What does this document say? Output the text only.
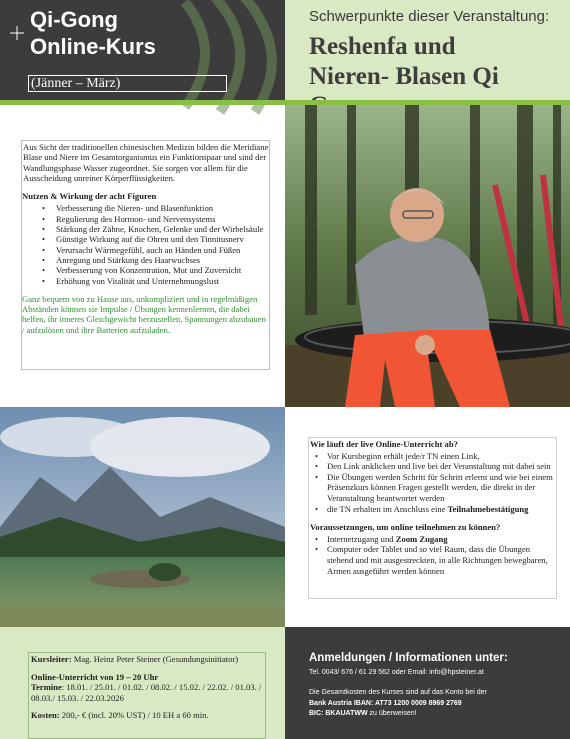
Qi-Gong
Online-Kurs
(Jänner – März)
Schwerpunkte dieser Veranstaltung:
Reshenfa und
Nieren- Blasen Qi

Aus Sicht der traditionellen chinesischen Medizin bilden die Meridiane Blase und Niere im Gesamtorganismus ein Funktionspaar und sind der Wandlungsphase Wasser zugeordnet. Sie sorgen vor allem für die Ausscheidung unreiner Körperflüssigkeiten.

Nutzen & Wirkung der acht Figuren

• Verbesserung die Nieren- und Blasenfunktion
• Regulierung des Hormon- und Nervensystems
• Stärkung der Zähne, Knochen, Gelenke und der Wirbelsäule
• Günstige Wirkung auf die Ohren und den Tinnitusnerv
• Verursacht Wärmegefühl, auch an Händen und Füßen
• Anregung und Stärkung des Haarwuchses
• Verbesserung von Konzentration, Mut und Zuversicht
• Erhöhung von Vitalität und Unternehmungslust

Ganz bequem von zu Hause aus, unkompliziert und in regelmäßigen Abständen können sie Impulse / Übungen kennenlernen, die dabei helfen, ihr inneres Gleichgewicht herzustellen, Spannungen abzubauen / aufzulösen und ihre Batterien aufzuladen.

Wie läuft der live Online-Unterricht ab?

• Vor Kursbeginn erhält jede/r TN einen Link,
• Den Link anklicken und live bei der Veranstaltung mit dabei sein
• Die Übungen werden Schritt für Schritt erlernt und wie bei einem Präsenzkurs können Fragen gestellt werden, die direkt in der Veranstaltung beantwortet werden
• die TN erhalten im Anschluss eine Teilnahmebestätigung

Voraussetzungen, um online teilnehmen zu können?

• Internetzugang und Zoom Zugang
• Computer oder Tablet und so viel Raum, dass die Übungen stehend und mit ausgestreckten, in alle Richtungen bewegbaren, Armen ausgeführt werden können

Kursleiter: Mag. Heinz Peter Steiner (Gesundungsinitiator)

Online-Unterricht von 19 – 20 Uhr

Termine: 18.01. / 25.01. / 01.02. / 08.02. / 15.02. / 22.02. / 01.03. / 08.03./ 15.03. / 22.03.2026

Kosten: 200,- € (incl. 20% UST) / 10 EH a 60 min.

Anmeldungen / Informationen unter:
Tel. 0043/ 676 / 61 29 562 oder Email: info@hpsteiner.at
Die Gesamtkosten des Kurses sind auf das Konto bei der
Bank Austria IBAN: AT73 1200 0009 8969 2769
BIC: BKAUATWW zu überweisen!
